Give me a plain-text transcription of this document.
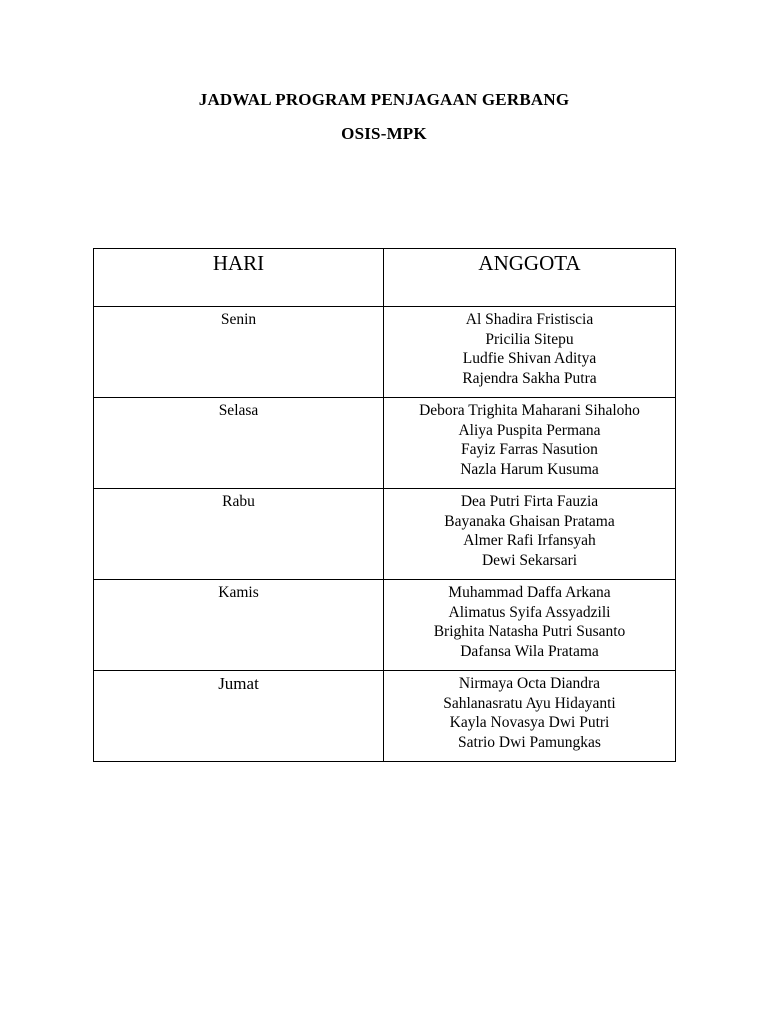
JADWAL PROGRAM PENJAGAAN GERBANG
OSIS-MPK
HARI	ANGGOTA
Senin	Al Shadira Fristiscia
Pricilia Sitepu
Ludfie Shivan Aditya
Rajendra Sakha Putra

Selasa	Debora Trighita Maharani Sihaloho
Aliya Puspita Permana
Fayiz Farras Nasution
Nazla Harum Kusuma

Rabu	Dea Putri Firta Fauzia
Bayanaka Ghaisan Pratama
Almer Rafi Irfansyah
Dewi Sekarsari

Kamis	Muhammad Daffa Arkana
Alimatus Syifa Assyadzili
Brighita Natasha Putri Susanto
Dafansa Wila Pratama

Jumat	Nirmaya Octa Diandra
Sahlanasratu Ayu Hidayanti
Kayla Novasya Dwi Putri
Satrio Dwi Pamungkas
